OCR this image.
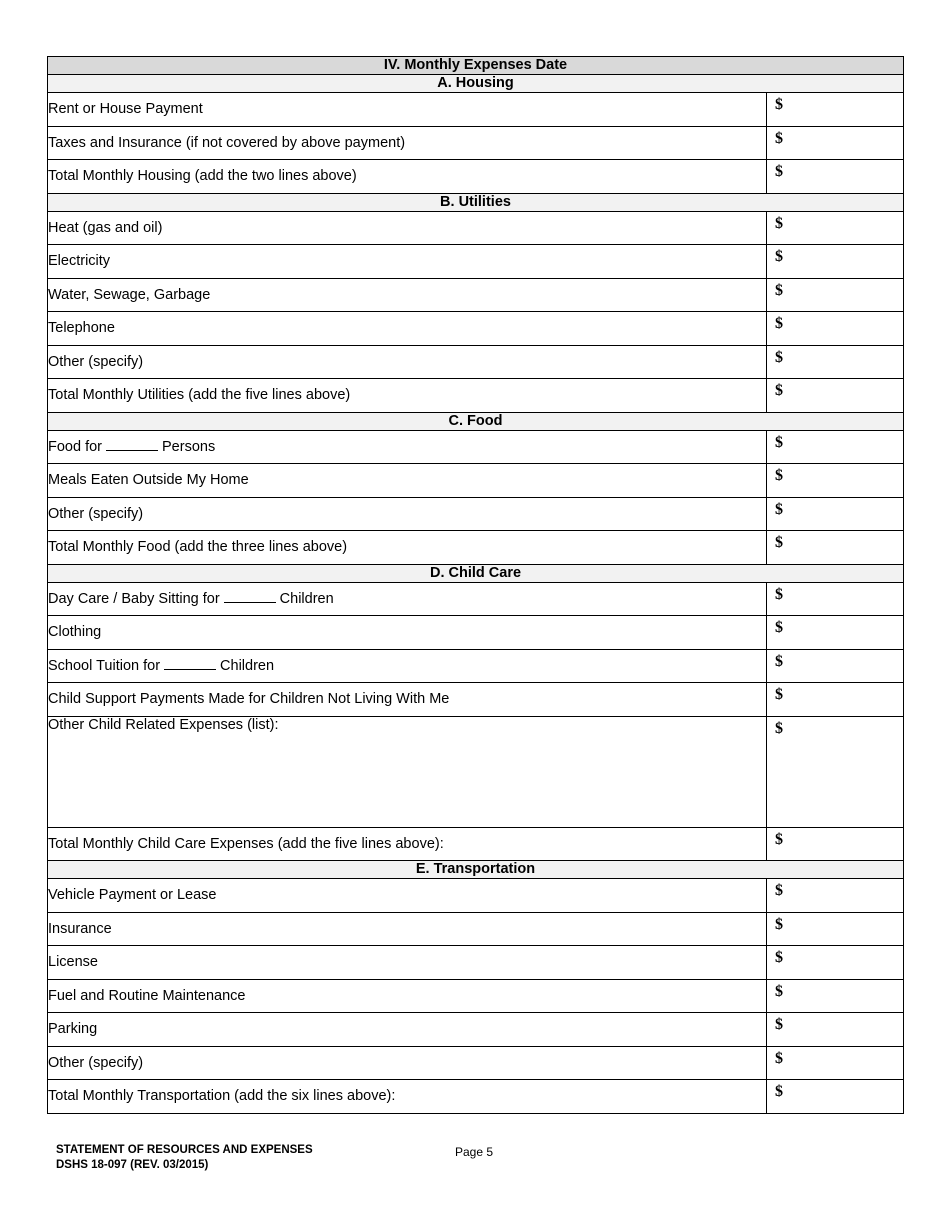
IV. Monthly Expenses Date	
A. Housing	
Rent or House Payment	$
Taxes and Insurance (if not covered by above payment)	$
Total Monthly Housing (add the two lines above)	$
B. Utilities	
Heat (gas and oil)	$
Electricity	$
Water, Sewage, Garbage	$
Telephone	$
Other (specify)	$
Total Monthly Utilities (add the five lines above)	$
C. Food	
Food for Persons	$
Meals Eaten Outside My Home	$
Other (specify)	$
Total Monthly Food (add the three lines above)	$
D. Child Care	
Day Care / Baby Sitting for Children	$
Clothing	$
School Tuition for Children	$
Child Support Payments Made for Children Not Living With Me	$
Other Child Related Expenses (list):	$
Total Monthly Child Care Expenses (add the five lines above):	$
E. Transportation	
Vehicle Payment or Lease	$
Insurance	$
License	$
Fuel and Routine Maintenance	$
Parking	$
Other (specify)	$
Total Monthly Transportation (add the six lines above):	$
STATEMENT OF RESOURCES AND EXPENSES
DSHS 18-097 (REV. 03/2015)
Page 5
